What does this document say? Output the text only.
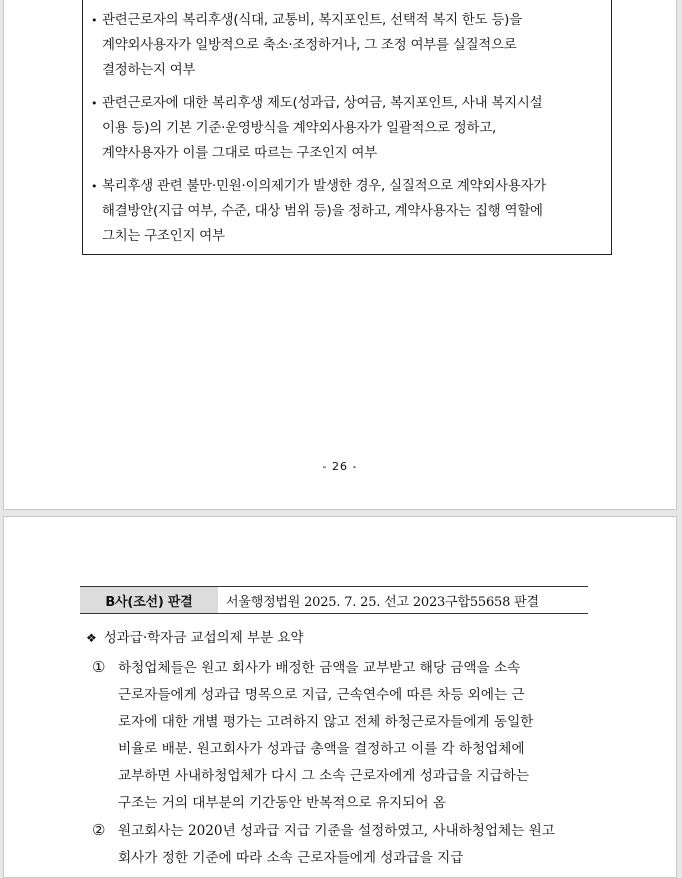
• 관련근로자의 복리후생(식대, 교통비, 복지포인트, 선택적 복지 한도 등)을
계약외사용자가 일방적으로 축소·조정하거나, 그 조정 여부를 실질적으로
결정하는지 여부
• 관련근로자에 대한 복리후생 제도(성과급, 상여금, 복지포인트, 사내 복지시설
이용 등)의 기본 기준·운영방식을 계약외사용자가 일괄적으로 정하고,
계약사용자가 이를 그대로 따르는 구조인지 여부
• 복리후생 관련 불만·민원·이의제기가 발생한 경우, 실질적으로 계약외사용자가
해결방안(지급 여부, 수준, 대상 범위 등)을 정하고, 계약사용자는 집행 역할에
그치는 구조인지 여부
- 26 -
B사(조선) 판결	서울행정법원 2025. 7. 25. 선고 2023구합55658 판결
❖ 성과급·학자금 교섭의제 부분 요약
① 하청업체들은 원고 회사가 배정한 금액을 교부받고 해당 금액을 소속
근로자들에게 성과급 명목으로 지급, 근속연수에 따른 차등 외에는 근
로자에 대한 개별 평가는 고려하지 않고 전체 하청근로자들에게 동일한
비율로 배분. 원고회사가 성과급 총액을 결정하고 이를 각 하청업체에
교부하면 사내하청업체가 다시 그 소속 근로자에게 성과급을 지급하는
구조는 거의 대부분의 기간동안 반복적으로 유지되어 옴
② 원고회사는 2020년 성과급 지급 기준을 설정하였고, 사내하청업체는 원고
회사가 정한 기준에 따라 소속 근로자들에게 성과급을 지급
